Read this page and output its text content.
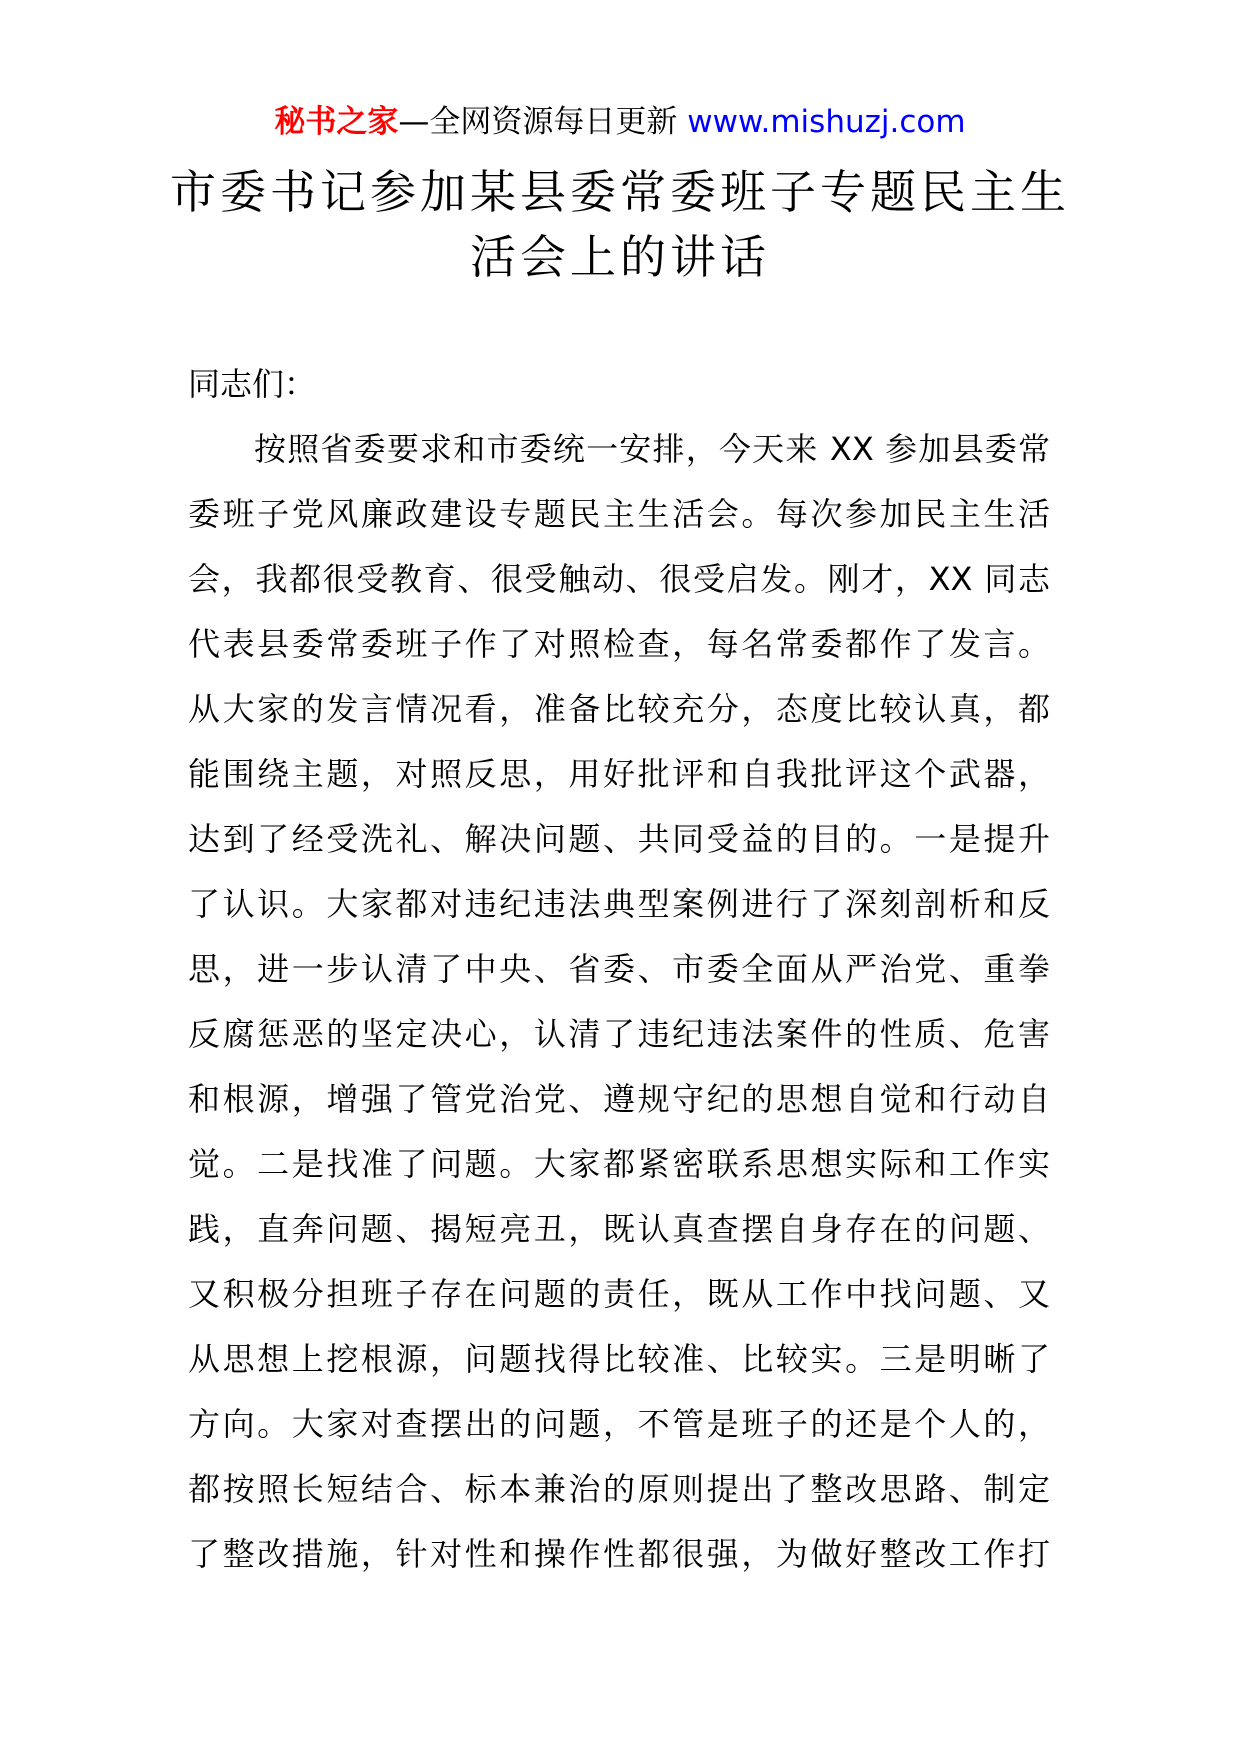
秘书之家—全网资源每日更新 www.mishuzj.com
市委书记参加某县委常委班子专题民主生
活会上的讲话
同志们：
按照省委要求和市委统一安排，今天来 XX 参加县委常
委班子党风廉政建设专题民主生活会。每次参加民主生活
会，我都很受教育、很受触动、很受启发。刚才，XX 同志
代表县委常委班子作了对照检查，每名常委都作了发言。
从大家的发言情况看，准备比较充分，态度比较认真，都
能围绕主题，对照反思，用好批评和自我批评这个武器，
达到了经受洗礼、解决问题、共同受益的目的。一是提升
了认识。大家都对违纪违法典型案例进行了深刻剖析和反
思，进一步认清了中央、省委、市委全面从严治党、重拳
反腐惩恶的坚定决心，认清了违纪违法案件的性质、危害
和根源，增强了管党治党、遵规守纪的思想自觉和行动自
觉。二是找准了问题。大家都紧密联系思想实际和工作实
践，直奔问题、揭短亮丑，既认真查摆自身存在的问题、
又积极分担班子存在问题的责任，既从工作中找问题、又
从思想上挖根源，问题找得比较准、比较实。三是明晰了
方向。大家对查摆出的问题，不管是班子的还是个人的，
都按照长短结合、标本兼治的原则提出了整改思路、制定
了整改措施，针对性和操作性都很强，为做好整改工作打
